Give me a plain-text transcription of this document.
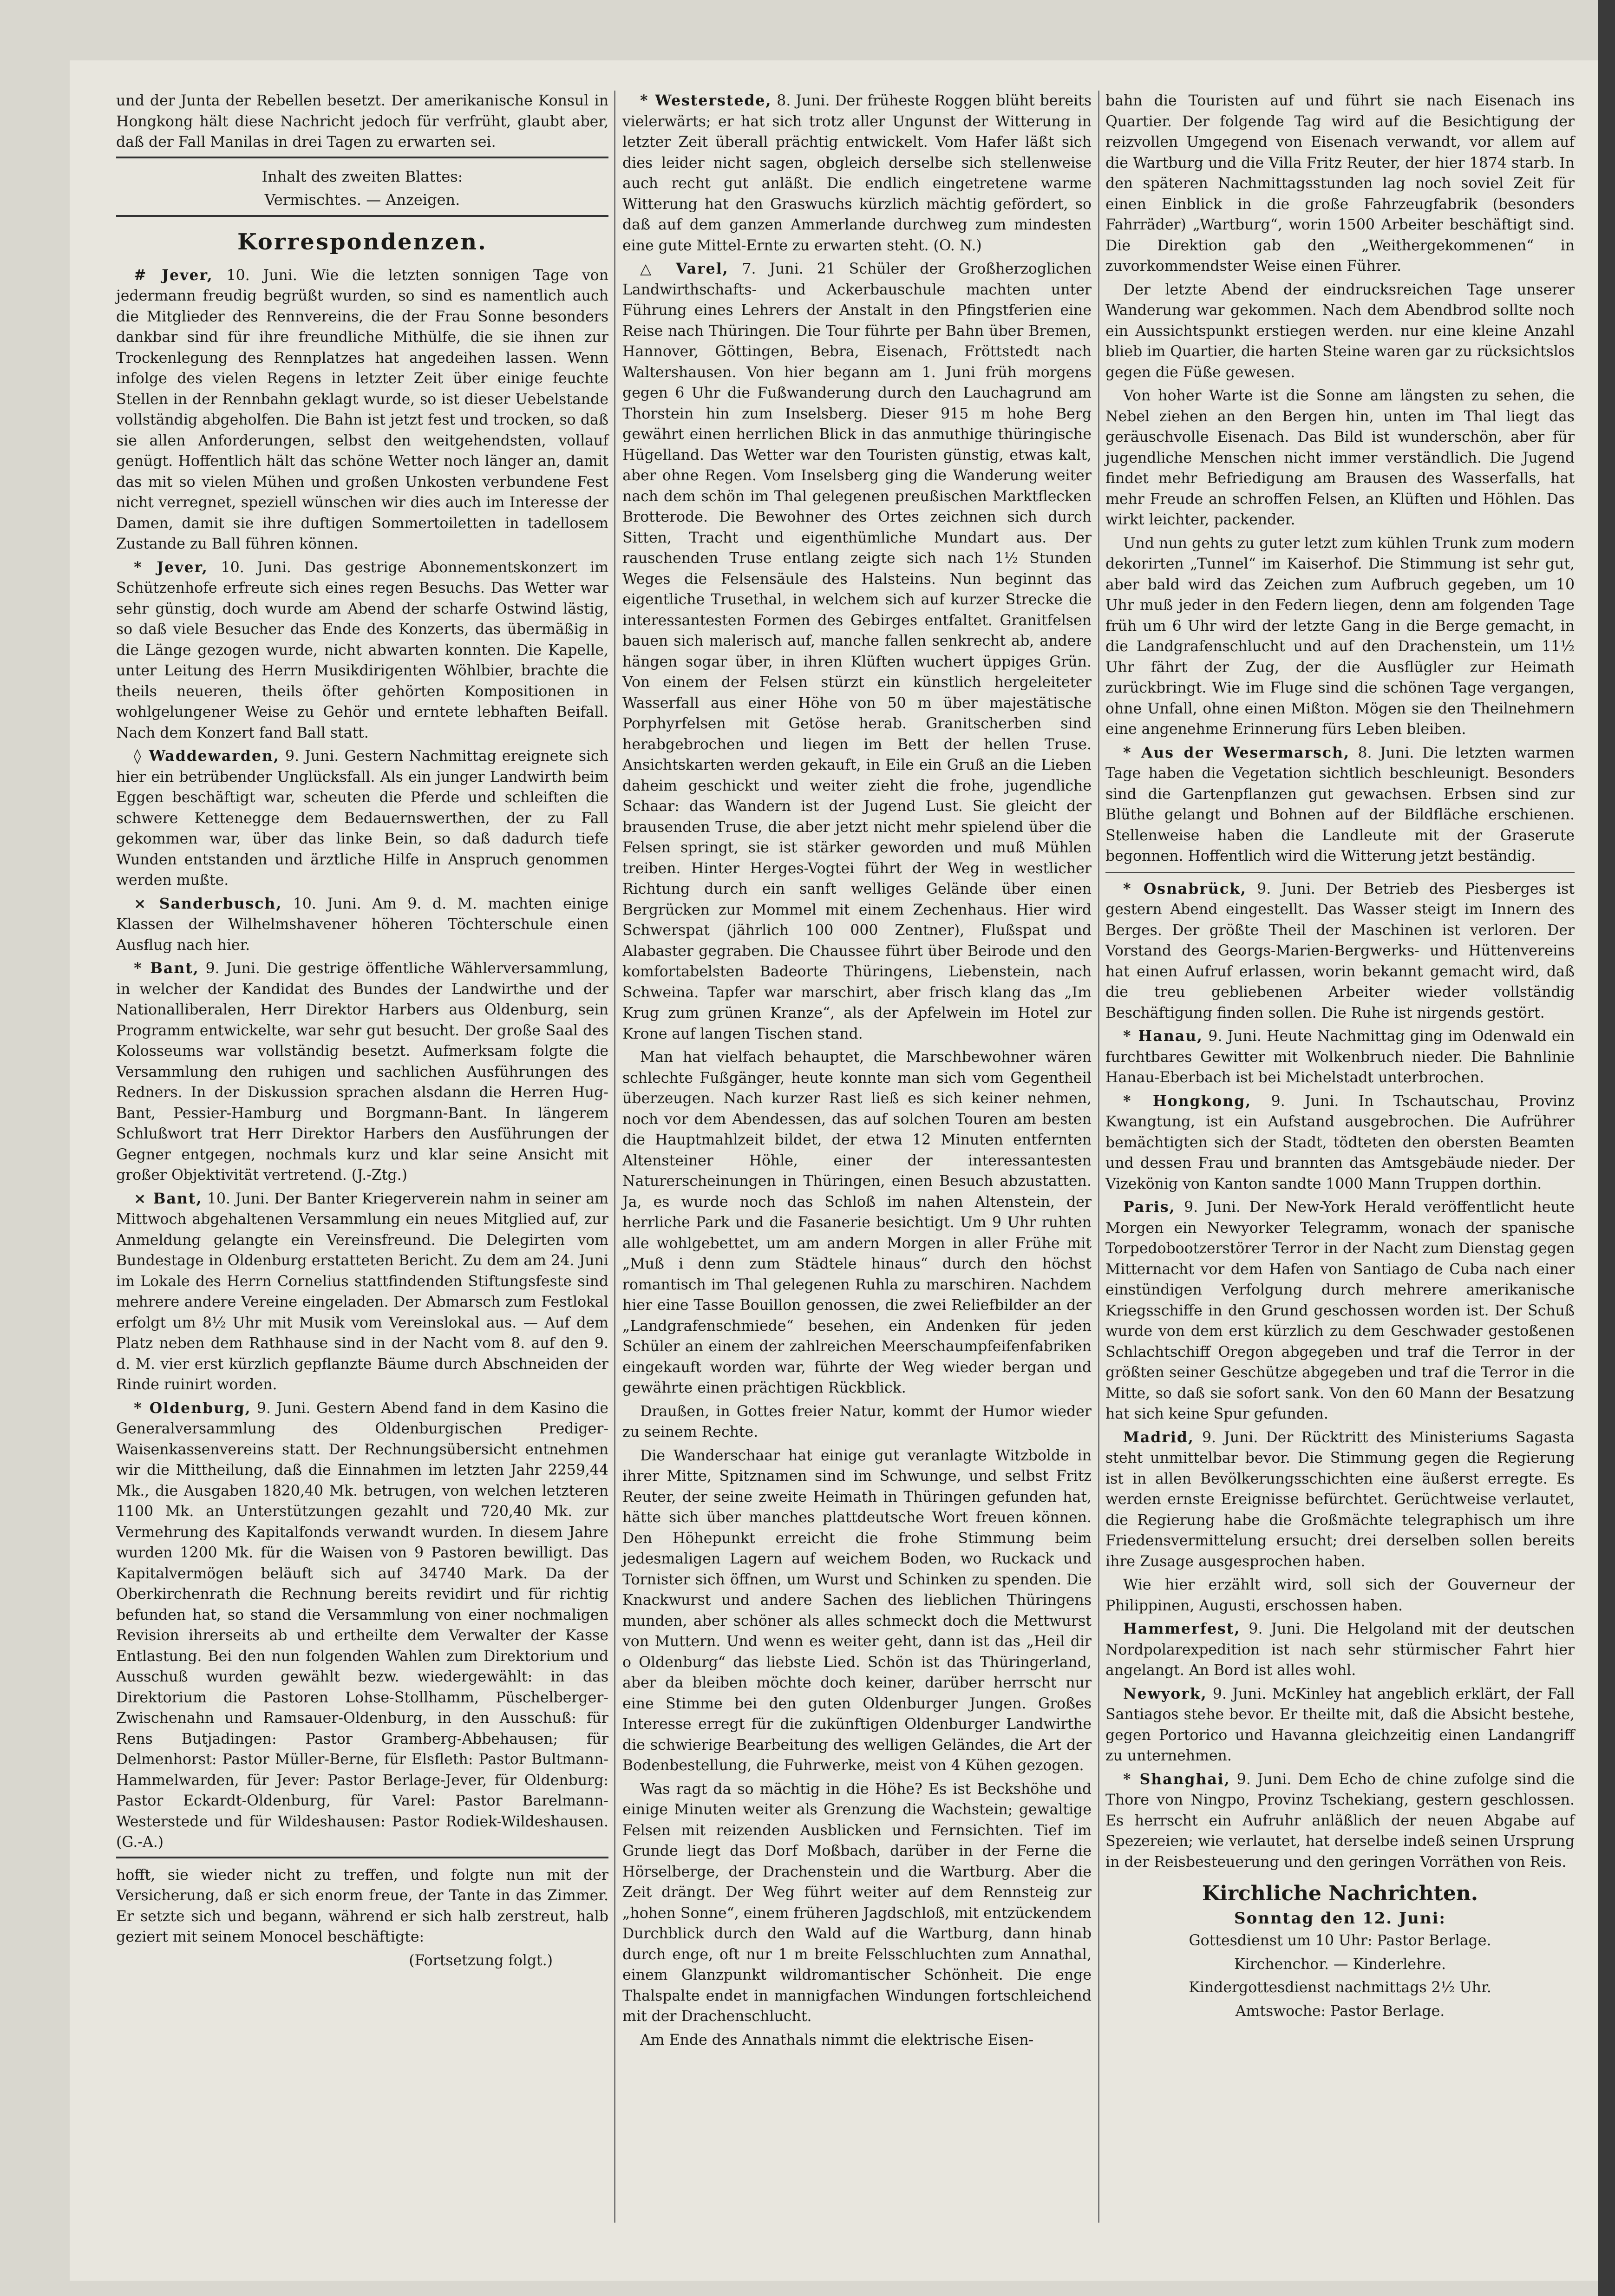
und der Junta der Rebellen besetzt. Der amerikanische Konsul in Hongkong hält diese Nachricht jedoch für verfrüht, glaubt aber, daß der Fall Manilas in drei Tagen zu erwarten sei.

Inhalt des zweiten Blattes:
Vermischtes. — Anzeigen.
Korrespondenzen.

# Jever, 10. Juni. Wie die letzten sonnigen Tage von jedermann freudig begrüßt wurden, so sind es namentlich auch die Mitglieder des Rennvereins, die der Frau Sonne besonders dankbar sind für ihre freundliche Mithülfe, die sie ihnen zur Trockenlegung des Rennplatzes hat angedeihen lassen. Wenn infolge des vielen Regens in letzter Zeit über einige feuchte Stellen in der Rennbahn geklagt wurde, so ist dieser Uebelstande vollständig abgeholfen. Die Bahn ist jetzt fest und trocken, so daß sie allen Anforderungen, selbst den weitgehendsten, vollauf genügt. Hoffentlich hält das schöne Wetter noch länger an, damit das mit so vielen Mühen und großen Unkosten verbundene Fest nicht verregnet, speziell wünschen wir dies auch im Interesse der Damen, damit sie ihre duftigen Sommertoiletten in tadellosem Zustande zu Ball führen können.

* Jever, 10. Juni. Das gestrige Abonnementskonzert im Schützenhofe erfreute sich eines regen Besuchs. Das Wetter war sehr günstig, doch wurde am Abend der scharfe Ostwind lästig, so daß viele Besucher das Ende des Konzerts, das übermäßig in die Länge gezogen wurde, nicht abwarten konnten. Die Kapelle, unter Leitung des Herrn Musikdirigenten Wöhlbier, brachte die theils neueren, theils öfter gehörten Kompositionen in wohlgelungener Weise zu Gehör und erntete lebhaften Beifall. Nach dem Konzert fand Ball statt.

◊ Waddewarden, 9. Juni. Gestern Nachmittag ereignete sich hier ein betrübender Unglücksfall. Als ein junger Landwirth beim Eggen beschäftigt war, scheuten die Pferde und schleiften die schwere Kettenegge dem Bedauernswerthen, der zu Fall gekommen war, über das linke Bein, so daß dadurch tiefe Wunden entstanden und ärztliche Hilfe in Anspruch genommen werden mußte.

⨯ Sanderbusch, 10. Juni. Am 9. d. M. machten einige Klassen der Wilhelmshavener höheren Töchterschule einen Ausflug nach hier.

* Bant, 9. Juni. Die gestrige öffentliche Wählerversammlung, in welcher der Kandidat des Bundes der Landwirthe und der Nationalliberalen, Herr Direktor Harbers aus Oldenburg, sein Programm entwickelte, war sehr gut besucht. Der große Saal des Kolosseums war vollständig besetzt. Aufmerksam folgte die Versammlung den ruhigen und sachlichen Ausführungen des Redners. In der Diskussion sprachen alsdann die Herren Hug-Bant, Pessier-Hamburg und Borgmann-Bant. In längerem Schlußwort trat Herr Direktor Harbers den Ausführungen der Gegner entgegen, nochmals kurz und klar seine Ansicht mit großer Objektivität vertretend. (J.-Ztg.)

⨯ Bant, 10. Juni. Der Banter Kriegerverein nahm in seiner am Mittwoch abgehaltenen Versammlung ein neues Mitglied auf, zur Anmeldung gelangte ein Vereinsfreund. Die Delegirten vom Bundestage in Oldenburg erstatteten Bericht. Zu dem am 24. Juni im Lokale des Herrn Cornelius stattfindenden Stiftungsfeste sind mehrere andere Vereine eingeladen. Der Abmarsch zum Festlokal erfolgt um 8½ Uhr mit Musik vom Vereinslokal aus. — Auf dem Platz neben dem Rathhause sind in der Nacht vom 8. auf den 9. d. M. vier erst kürzlich gepflanzte Bäume durch Abschneiden der Rinde ruinirt worden.

* Oldenburg, 9. Juni. Gestern Abend fand in dem Kasino die Generalversammlung des Oldenburgischen Prediger-Waisenkassenvereins statt. Der Rechnungsübersicht entnehmen wir die Mittheilung, daß die Einnahmen im letzten Jahr 2259,44 Mk., die Ausgaben 1820,40 Mk. betrugen, von welchen letzteren 1100 Mk. an Unterstützungen gezahlt und 720,40 Mk. zur Vermehrung des Kapitalfonds verwandt wurden. In diesem Jahre wurden 1200 Mk. für die Waisen von 9 Pastoren bewilligt. Das Kapitalvermögen beläuft sich auf 34740 Mark. Da der Oberkirchenrath die Rechnung bereits revidirt und für richtig befunden hat, so stand die Versammlung von einer nochmaligen Revision ihrerseits ab und ertheilte dem Verwalter der Kasse Entlastung. Bei den nun folgenden Wahlen zum Direktorium und Ausschuß wurden gewählt bezw. wiedergewählt: in das Direktorium die Pastoren Lohse-Stollhamm, Püschelberger-Zwischenahn und Ramsauer-Oldenburg, in den Ausschuß: für Rens Butjadingen: Pastor Gramberg-Abbehausen; für Delmenhorst: Pastor Müller-Berne, für Elsfleth: Pastor Bultmann-Hammelwarden, für Jever: Pastor Berlage-Jever, für Oldenburg: Pastor Eckardt-Oldenburg, für Varel: Pastor Barelmann-Westerstede und für Wildeshausen: Pastor Rodiek-Wildeshausen. (G.-A.)

hofft, sie wieder nicht zu treffen, und folgte nun mit der Versicherung, daß er sich enorm freue, der Tante in das Zimmer. Er setzte sich und begann, während er sich halb zerstreut, halb geziert mit seinem Monocel beschäftigte:

(Fortsetzung folgt.)

* Westerstede, 8. Juni. Der früheste Roggen blüht bereits vielerwärts; er hat sich trotz aller Ungunst der Witterung in letzter Zeit überall prächtig entwickelt. Vom Hafer läßt sich dies leider nicht sagen, obgleich derselbe sich stellenweise auch recht gut anläßt. Die endlich eingetretene warme Witterung hat den Graswuchs kürzlich mächtig gefördert, so daß auf dem ganzen Ammerlande durchweg zum mindesten eine gute Mittel-Ernte zu erwarten steht. (O. N.)

△ Varel, 7. Juni. 21 Schüler der Großherzoglichen Landwirthschafts- und Ackerbauschule machten unter Führung eines Lehrers der Anstalt in den Pfingstferien eine Reise nach Thüringen. Die Tour führte per Bahn über Bremen, Hannover, Göttingen, Bebra, Eisenach, Fröttstedt nach Waltershausen. Von hier begann am 1. Juni früh morgens gegen 6 Uhr die Fußwanderung durch den Lauchagrund am Thorstein hin zum Inselsberg. Dieser 915 m hohe Berg gewährt einen herrlichen Blick in das anmuthige thüringische Hügelland. Das Wetter war den Touristen günstig, etwas kalt, aber ohne Regen. Vom Inselsberg ging die Wanderung weiter nach dem schön im Thal gelegenen preußischen Marktflecken Brotterode. Die Bewohner des Ortes zeichnen sich durch Sitten, Tracht und eigenthümliche Mundart aus. Der rauschenden Truse entlang zeigte sich nach 1½ Stunden Weges die Felsensäule des Halsteins. Nun beginnt das eigentliche Trusethal, in welchem sich auf kurzer Strecke die interessantesten Formen des Gebirges entfaltet. Granitfelsen bauen sich malerisch auf, manche fallen senkrecht ab, andere hängen sogar über, in ihren Klüften wuchert üppiges Grün. Von einem der Felsen stürzt ein künstlich hergeleiteter Wasserfall aus einer Höhe von 50 m über majestätische Porphyrfelsen mit Getöse herab. Granitscherben sind herabgebrochen und liegen im Bett der hellen Truse. Ansichtskarten werden gekauft, in Eile ein Gruß an die Lieben daheim geschickt und weiter zieht die frohe, jugendliche Schaar: das Wandern ist der Jugend Lust. Sie gleicht der brausenden Truse, die aber jetzt nicht mehr spielend über die Felsen springt, sie ist stärker geworden und muß Mühlen treiben. Hinter Herges-Vogtei führt der Weg in westlicher Richtung durch ein sanft welliges Gelände über einen Bergrücken zur Mommel mit einem Zechenhaus. Hier wird Schwerspat (jährlich 100 000 Zentner), Flußspat und Alabaster gegraben. Die Chaussee führt über Beirode und den komfortabelsten Badeorte Thüringens, Liebenstein, nach Schweina. Tapfer war marschirt, aber frisch klang das „Im Krug zum grünen Kranze“, als der Apfelwein im Hotel zur Krone auf langen Tischen stand.

Man hat vielfach behauptet, die Marschbewohner wären schlechte Fußgänger, heute konnte man sich vom Gegentheil überzeugen. Nach kurzer Rast ließ es sich keiner nehmen, noch vor dem Abendessen, das auf solchen Touren am besten die Hauptmahlzeit bildet, der etwa 12 Minuten entfernten Altensteiner Höhle, einer der interessantesten Naturerscheinungen in Thüringen, einen Besuch abzustatten. Ja, es wurde noch das Schloß im nahen Altenstein, der herrliche Park und die Fasanerie besichtigt. Um 9 Uhr ruhten alle wohlgebettet, um am andern Morgen in aller Frühe mit „Muß i denn zum Städtele hinaus“ durch den höchst romantisch im Thal gelegenen Ruhla zu marschiren. Nachdem hier eine Tasse Bouillon genossen, die zwei Reliefbilder an der „Landgrafenschmiede“ besehen, ein Andenken für jeden Schüler an einem der zahlreichen Meerschaumpfeifenfabriken eingekauft worden war, führte der Weg wieder bergan und gewährte einen prächtigen Rückblick.

Draußen, in Gottes freier Natur, kommt der Humor wieder zu seinem Rechte.

Die Wanderschaar hat einige gut veranlagte Witzbolde in ihrer Mitte, Spitznamen sind im Schwunge, und selbst Fritz Reuter, der seine zweite Heimath in Thüringen gefunden hat, hätte sich über manches plattdeutsche Wort freuen können. Den Höhepunkt erreicht die frohe Stimmung beim jedesmaligen Lagern auf weichem Boden, wo Ruckack und Tornister sich öffnen, um Wurst und Schinken zu spenden. Die Knackwurst und andere Sachen des lieblichen Thüringens munden, aber schöner als alles schmeckt doch die Mettwurst von Muttern. Und wenn es weiter geht, dann ist das „Heil dir o Oldenburg“ das liebste Lied. Schön ist das Thüringerland, aber da bleiben möchte doch keiner, darüber herrscht nur eine Stimme bei den guten Oldenburger Jungen. Großes Interesse erregt für die zukünftigen Oldenburger Landwirthe die schwierige Bearbeitung des welligen Geländes, die Art der Bodenbestellung, die Fuhrwerke, meist von 4 Kühen gezogen.

Was ragt da so mächtig in die Höhe? Es ist Beckshöhe und einige Minuten weiter als Grenzung die Wachstein; gewaltige Felsen mit reizenden Ausblicken und Fernsichten. Tief im Grunde liegt das Dorf Moßbach, darüber in der Ferne die Hörselberge, der Drachenstein und die Wartburg. Aber die Zeit drängt. Der Weg führt weiter auf dem Rennsteig zur „hohen Sonne“, einem früheren Jagdschloß, mit entzückendem Durchblick durch den Wald auf die Wartburg, dann hinab durch enge, oft nur 1 m breite Felsschluchten zum Annathal, einem Glanzpunkt wildromantischer Schönheit. Die enge Thalspalte endet in mannigfachen Windungen fortschleichend mit der Drachenschlucht.

Am Ende des Annathals nimmt die elektrische Eisen-

bahn die Touristen auf und führt sie nach Eisenach ins Quartier. Der folgende Tag wird auf die Besichtigung der reizvollen Umgegend von Eisenach verwandt, vor allem auf die Wartburg und die Villa Fritz Reuter, der hier 1874 starb. In den späteren Nachmittagsstunden lag noch soviel Zeit für einen Einblick in die große Fahrzeugfabrik (besonders Fahrräder) „Wartburg“, worin 1500 Arbeiter beschäftigt sind. Die Direktion gab den „Weithergekommenen“ in zuvorkommendster Weise einen Führer.

Der letzte Abend der eindrucksreichen Tage unserer Wanderung war gekommen. Nach dem Abendbrod sollte noch ein Aussichtspunkt erstiegen werden. nur eine kleine Anzahl blieb im Quartier, die harten Steine waren gar zu rücksichtslos gegen die Füße gewesen.

Von hoher Warte ist die Sonne am längsten zu sehen, die Nebel ziehen an den Bergen hin, unten im Thal liegt das geräuschvolle Eisenach. Das Bild ist wunderschön, aber für jugendliche Menschen nicht immer verständlich. Die Jugend findet mehr Befriedigung am Brausen des Wasserfalls, hat mehr Freude an schroffen Felsen, an Klüften und Höhlen. Das wirkt leichter, packender.

Und nun gehts zu guter letzt zum kühlen Trunk zum modern dekorirten „Tunnel“ im Kaiserhof. Die Stimmung ist sehr gut, aber bald wird das Zeichen zum Aufbruch gegeben, um 10 Uhr muß jeder in den Federn liegen, denn am folgenden Tage früh um 6 Uhr wird der letzte Gang in die Berge gemacht, in die Landgrafenschlucht und auf den Drachenstein, um 11½ Uhr fährt der Zug, der die Ausflügler zur Heimath zurückbringt. Wie im Fluge sind die schönen Tage vergangen, ohne Unfall, ohne einen Mißton. Mögen sie den Theilnehmern eine angenehme Erinnerung fürs Leben bleiben.

* Aus der Wesermarsch, 8. Juni. Die letzten warmen Tage haben die Vegetation sichtlich beschleunigt. Besonders sind die Gartenpflanzen gut gewachsen. Erbsen sind zur Blüthe gelangt und Bohnen auf der Bildfläche erschienen. Stellenweise haben die Landleute mit der Graserute begonnen. Hoffentlich wird die Witterung jetzt beständig.

* Osnabrück, 9. Juni. Der Betrieb des Piesberges ist gestern Abend eingestellt. Das Wasser steigt im Innern des Berges. Der größte Theil der Maschinen ist verloren. Der Vorstand des Georgs-Marien-Bergwerks- und Hüttenvereins hat einen Aufruf erlassen, worin bekannt gemacht wird, daß die treu gebliebenen Arbeiter wieder vollständig Beschäftigung finden sollen. Die Ruhe ist nirgends gestört.

* Hanau, 9. Juni. Heute Nachmittag ging im Odenwald ein furchtbares Gewitter mit Wolkenbruch nieder. Die Bahnlinie Hanau-Eberbach ist bei Michelstadt unterbrochen.

* Hongkong, 9. Juni. In Tschautschau, Provinz Kwangtung, ist ein Aufstand ausgebrochen. Die Aufrührer bemächtigten sich der Stadt, tödteten den obersten Beamten und dessen Frau und brannten das Amtsgebäude nieder. Der Vizekönig von Kanton sandte 1000 Mann Truppen dorthin.

Paris, 9. Juni. Der New-York Herald veröffentlicht heute Morgen ein Newyorker Telegramm, wonach der spanische Torpedobootzerstörer Terror in der Nacht zum Dienstag gegen Mitternacht vor dem Hafen von Santiago de Cuba nach einer einstündigen Verfolgung durch mehrere amerikanische Kriegsschiffe in den Grund geschossen worden ist. Der Schuß wurde von dem erst kürzlich zu dem Geschwader gestoßenen Schlachtschiff Oregon abgegeben und traf die Terror in der größten seiner Geschütze abgegeben und traf die Terror in die Mitte, so daß sie sofort sank. Von den 60 Mann der Besatzung hat sich keine Spur gefunden.

Madrid, 9. Juni. Der Rücktritt des Ministeriums Sagasta steht unmittelbar bevor. Die Stimmung gegen die Regierung ist in allen Bevölkerungsschichten eine äußerst erregte. Es werden ernste Ereignisse befürchtet. Gerüchtweise verlautet, die Regierung habe die Großmächte telegraphisch um ihre Friedensvermittelung ersucht; drei derselben sollen bereits ihre Zusage ausgesprochen haben.

Wie hier erzählt wird, soll sich der Gouverneur der Philippinen, Augusti, erschossen haben.

Hammerfest, 9. Juni. Die Helgoland mit der deutschen Nordpolarexpedition ist nach sehr stürmischer Fahrt hier angelangt. An Bord ist alles wohl.

Newyork, 9. Juni. McKinley hat angeblich erklärt, der Fall Santiagos stehe bevor. Er theilte mit, daß die Absicht bestehe, gegen Portorico und Havanna gleichzeitig einen Landangriff zu unternehmen.

* Shanghai, 9. Juni. Dem Echo de chine zufolge sind die Thore von Ningpo, Provinz Tschekiang, gestern geschlossen. Es herrscht ein Aufruhr anläßlich der neuen Abgabe auf Spezereien; wie verlautet, hat derselbe indeß seinen Ursprung in der Reisbesteuerung und den geringen Vorräthen von Reis.

Kirchliche Nachrichten.
Sonntag den 12. Juni:

Gottesdienst um 10 Uhr: Pastor Berlage.

Kirchenchor. — Kinderlehre.

Kindergottesdienst nachmittags 2½ Uhr.

Amtswoche: Pastor Berlage.
